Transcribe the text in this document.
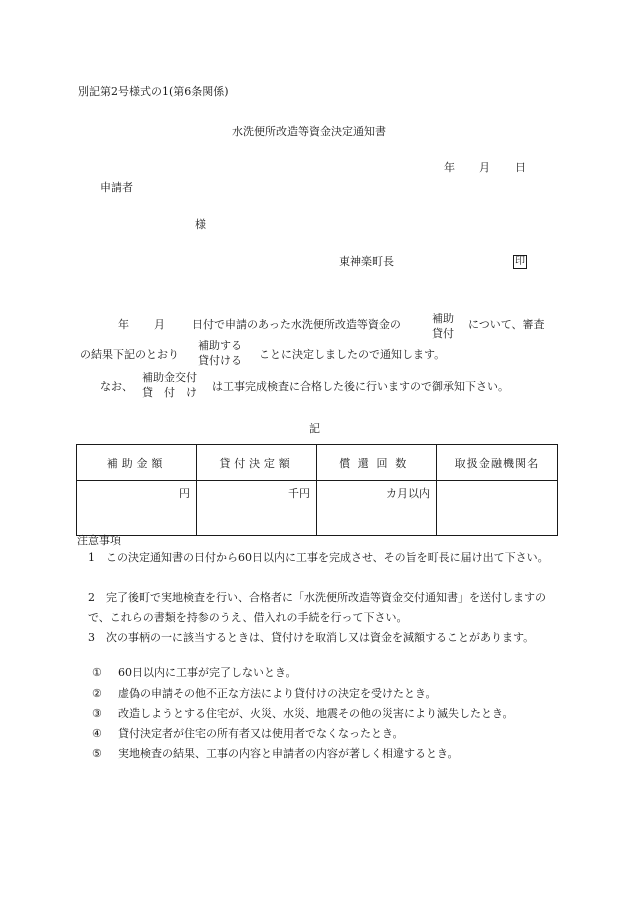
別記第2号様式の1(第6条関係)
水洗便所改造等資金決定通知書
年 月 日
申請者
様
東神楽町長	印
年 月 日付で申請のあった水洗便所改造等資金の	補助
貸付
について、審査
の結果下記のとおり
補助する
貸付ける ことに決定しましたので通知します。
なお、
補助金交付
貸　付　け は工事完成検査に合格した後に行いますので御承知下さい。
記
補助金額	貸付決定額	償還回数	取扱金融機関名
円	千円	カ月以内	
注意事項
1　この決定通知書の日付から60日以内に工事を完成させ、その旨を町長に届け出て下さい。
2　完了後町で実地検査を行い、合格者に「水洗便所改造等資金交付通知書」を送付しますので、これらの書類を持参のうえ、借入れの手続を行って下さい。
3　次の事柄の一に該当するときは、貸付けを取消し又は資金を減額することがあります。
① 60日以内に工事が完了しないとき。
② 虚偽の申請その他不正な方法により貸付けの決定を受けたとき。
③ 改造しようとする住宅が、火災、水災、地震その他の災害により滅失したとき。
④ 貸付決定者が住宅の所有者又は使用者でなくなったとき。
⑤ 実地検査の結果、工事の内容と申請者の内容が著しく相違するとき。
